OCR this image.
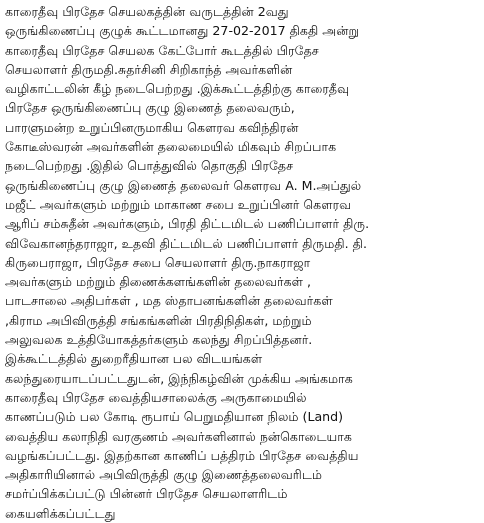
காரைதீவு பிரதேச செயலகத்தின் வருடத்தின் 2வது
ஒருங்கிணைப்பு குழுக் கூட்டமானது 27-02-2017 திகதி அன்று
காரைதீவு பிரதேச செயலக கேட்போர் கூடத்தில் பிரதேச
செயலாளர் திருமதி.சுதர்சினி சிறிகாந்த் அவர்களின்
வழிகாட்டலின் கீழ் நடைபெற்றது .இக்கூட்டத்திற்கு காரைதீவு
பிரதேச ஒருங்கிணைப்பு குழு இணைத் தலைவரும்,
பாரளுமன்ற உறுப்பினருமாகிய கௌரவ கவிந்திரன்
கோடீஸ்வரன் அவர்களின் தலைமையில் மிகவும் சிறப்பாக
நடைபெற்றது .இதில் பொத்துவில் தொகுதி பிரதேச
ஒருங்கிணைப்பு குழு இணைத் தலைவர் கௌரவ A. M.அப்துல்
மஜீட் அவர்களும் மற்றும் மாகாண சபை உறுப்பினர் கௌரவ
ஆரிப் சம்சுதீன் அவர்களும், பிரதி திட்டமிடல் பணிப்பாளர் திரு.
விவேகானந்தராஜா, உதவி திட்டமிடல் பணிப்பாளர் திருமதி. தி.
கிருபைராஜா, பிரதேச சபை செயலாளர் திரு.நாகராஜா
அவர்களும் மற்றும் திணைக்களங்களின் தலைவர்கள் ,
பாடசாலை அதிபர்கள் , மத ஸ்தாபனங்களின் தலைவர்கள்
,கிராம அபிவிருத்தி சங்கங்களின் பிரதிநிதிகள், மற்றும்
அலுவலக உத்தியோகத்தர்களும் கலந்து சிறப்பித்தனர்.
இக்கூட்டத்தில் துறைரீதியான பல விடயங்கள்
கலந்துரையாடப்பட்டதுடன், இந்நிகழ்வின் முக்கிய அங்கமாக
காரைதீவு பிரதேச வைத்தியசாலைக்கு அருகாமையில்
காணப்படும் பல கோடி ரூபாய் பெறுமதியான நிலம் (Land)
வைத்திய கலாநிதி வரகுணம் அவர்களினால் நன்கொடையாக
வழங்கப்பட்டது. இதற்கான காணிப் பத்திரம் பிரதேச வைத்திய
அதிகாரியினால் அபிவிருத்தி குழு இணைத்தலைவரிடம்
சமர்ப்பிக்கப்பட்டு பின்னர் பிரதேச செயலாளரிடம்
கையளிக்கப்பட்டது
